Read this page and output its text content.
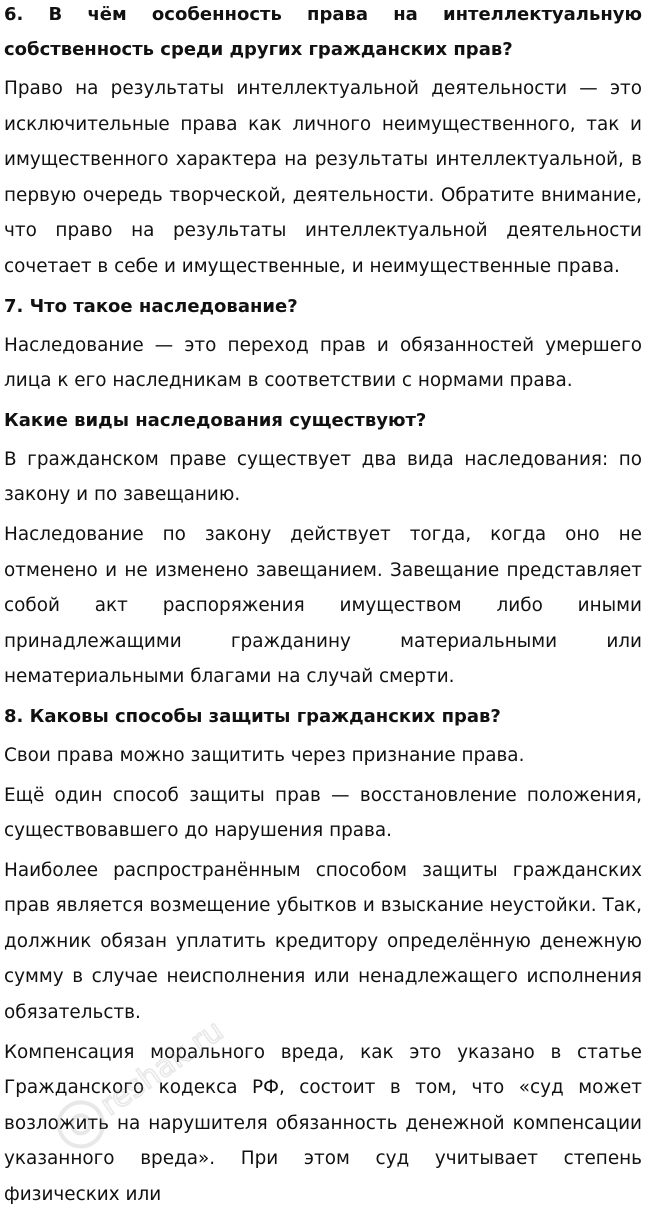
6. В чём особенность права на интеллектуальную собственность среди других гражданских прав?
Право на результаты интеллектуальной деятельности — это исключительные права как личного неимущественного, так и имущественного характера на результаты интеллектуальной, в первую очередь творческой, деятельности. Обратите внимание, что право на результаты интеллектуальной деятельности сочетает в себе и имущественные, и неимущественные права.
7. Что такое наследование?
Наследование — это переход прав и обязанностей умершего лица к его наследникам в соответствии с нормами права.
Какие виды наследования существуют?
В гражданском праве существует два вида наследования: по закону и по завещанию.
Наследование по закону действует тогда, когда оно не отменено и не изменено завещанием. Завещание представляет собой акт распоряжения имуществом либо иными принадлежащими гражданину материальными или нематериальными благами на случай смерти.
8. Каковы способы защиты гражданских прав?
Свои права можно защитить через признание права.
Ещё один способ защиты прав — восстановление положения, существовавшего до нарушения права.
Наиболее распространённым способом защиты гражданских прав является возмещение убытков и взыскание неустойки. Так, должник обязан уплатить кредитору определённую денежную сумму в случае неисполнения или ненадлежащего исполнения обязательств.
Компенсация морального вреда, как это указано в статье Гражданского кодекса РФ, состоит в том, что «суд может возложить на нарушителя обязанность денежной компенсации указанного вреда». При этом суд учитывает степень физических или
reshak.ru
